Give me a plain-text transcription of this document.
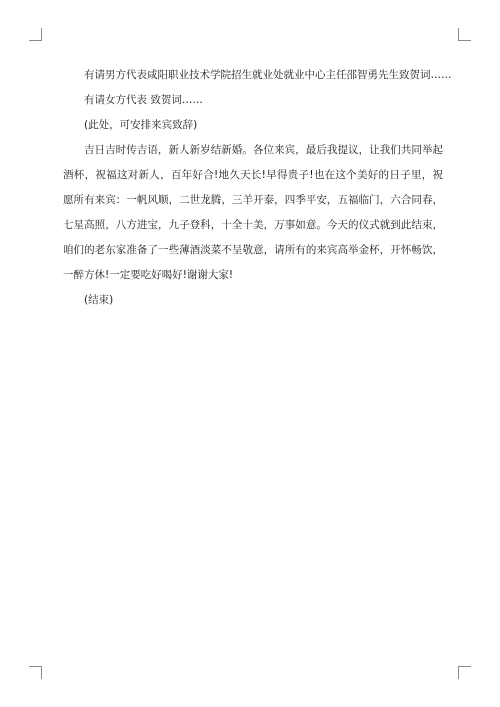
有请男方代表咸阳职业技术学院招生就业处就业中心主任邵智勇先生致贺词……

有请女方代表 致贺词……

(此处，可安排来宾致辞)

吉日吉时传吉语，新人新岁结新婚。各位来宾，最后我提议，让我们共同举起酒杯，祝福这对新人，百年好合!地久天长!早得贵子!也在这个美好的日子里，祝愿所有来宾：一帆风顺，二世龙腾，三羊开泰，四季平安，五福临门，六合同春，七星高照，八方进宝，九子登科，十全十美，万事如意。今天的仪式就到此结束，咱们的老东家准备了一些薄酒淡菜不呈敬意，请所有的来宾高举金杯，开怀畅饮，一醉方休!一定要吃好喝好!谢谢大家!

(结束)
